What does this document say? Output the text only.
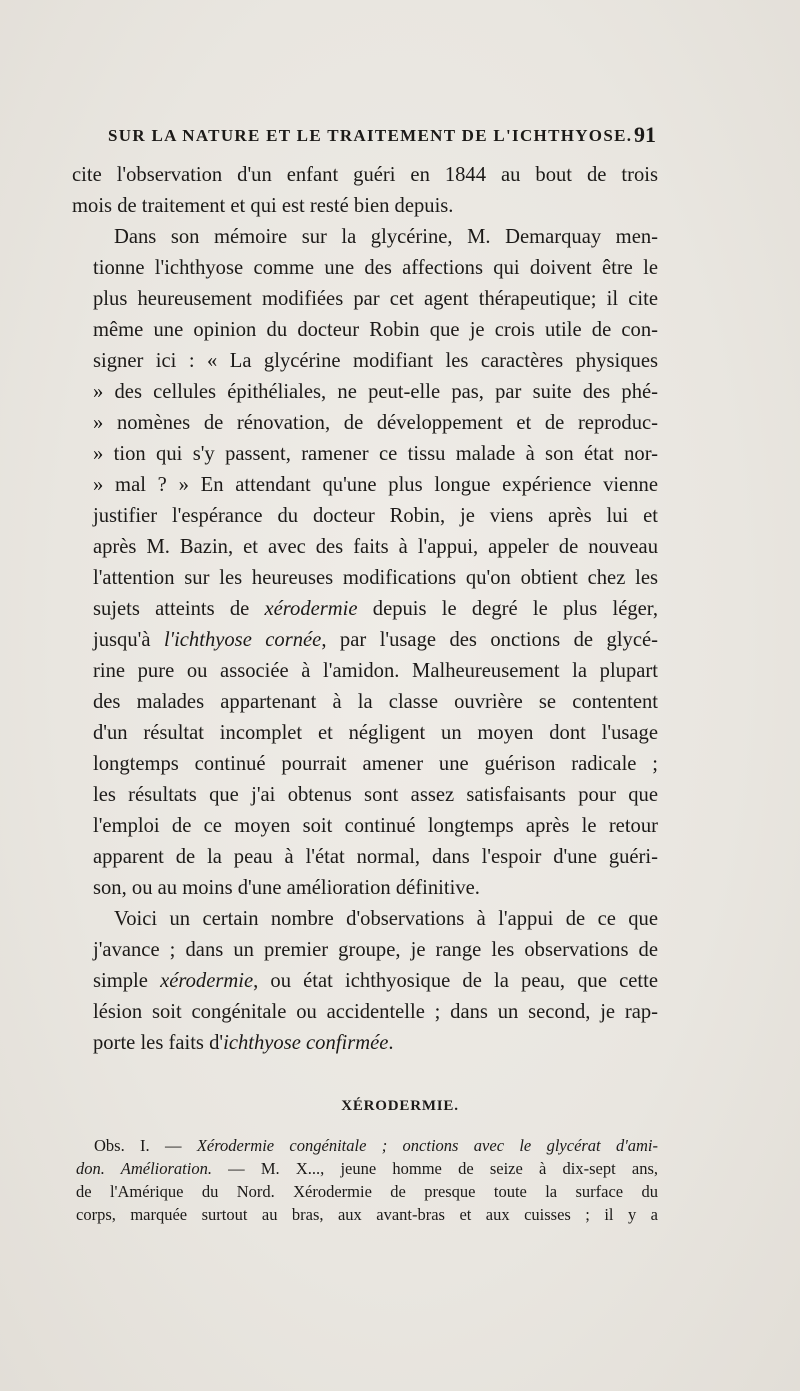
SUR LA NATURE ET LE TRAITEMENT DE L'ICHTHYOSE. 91

cite l'observation d'un enfant guéri en 1844 au bout de trois
mois de traitement et qui est resté bien depuis.

Dans son mémoire sur la glycérine, M. Demarquay men-
tionne l'ichthyose comme une des affections qui doivent être le
plus heureusement modifiées par cet agent thérapeutique; il cite
même une opinion du docteur Robin que je crois utile de con-
signer ici : « La glycérine modifiant les caractères physiques
» des cellules épithéliales, ne peut-elle pas, par suite des phé-
» nomènes de rénovation, de développement et de reproduc-
» tion qui s'y passent, ramener ce tissu malade à son état nor-
» mal ? » En attendant qu'une plus longue expérience vienne
justifier l'espérance du docteur Robin, je viens après lui et
après M. Bazin, et avec des faits à l'appui, appeler de nouveau
l'attention sur les heureuses modifications qu'on obtient chez les
sujets atteints de xérodermie depuis le degré le plus léger,
jusqu'à l'ichthyose cornée, par l'usage des onctions de glycé-
rine pure ou associée à l'amidon. Malheureusement la plupart
des malades appartenant à la classe ouvrière se contentent
d'un résultat incomplet et négligent un moyen dont l'usage
longtemps continué pourrait amener une guérison radicale ;
les résultats que j'ai obtenus sont assez satisfaisants pour que
l'emploi de ce moyen soit continué longtemps après le retour
apparent de la peau à l'état normal, dans l'espoir d'une guéri-
son, ou au moins d'une amélioration définitive.
Voici un certain nombre d'observations à l'appui de ce que
j'avance ; dans un premier groupe, je range les observations de
simple xérodermie, ou état ichthyosique de la peau, que cette
lésion soit congénitale ou accidentelle ; dans un second, je rap-
porte les faits d'ichthyose confirmée.
XÉRODERMIE.
Obs. I. — Xérodermie congénitale ; onctions avec le glycérat d'ami-
don. Amélioration. — M. X..., jeune homme de seize à dix-sept ans,
de l'Amérique du Nord. Xérodermie de presque toute la surface du
corps, marquée surtout au bras, aux avant-bras et aux cuisses ; il y a
